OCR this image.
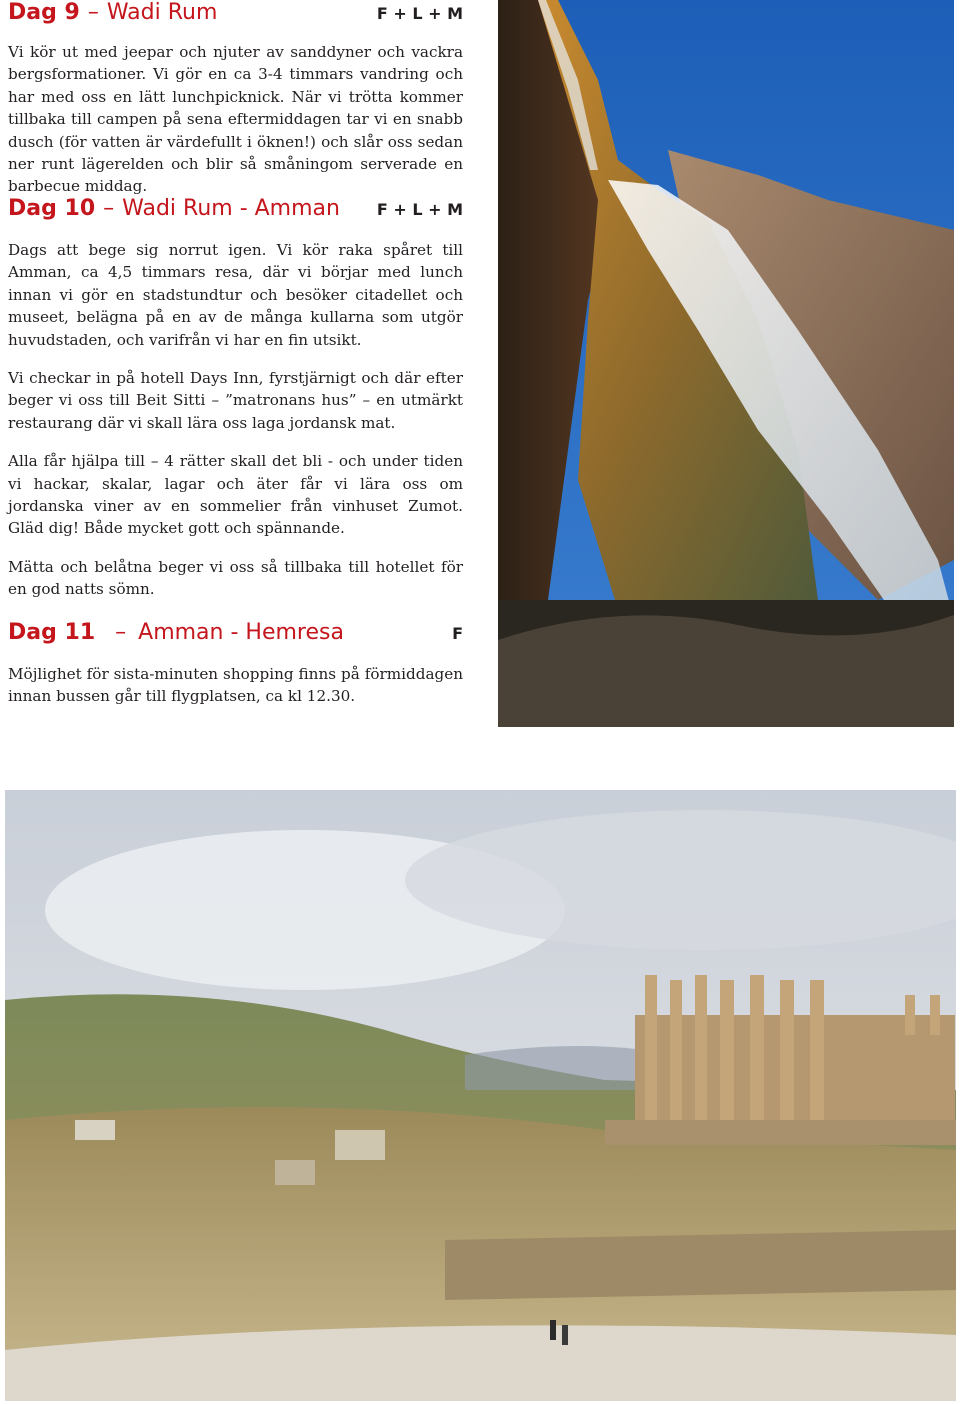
Dag 9 – Wadi Rum	F + L + M

Vi kör ut med jeepar och njuter av sanddyner och vackra bergsformationer. Vi gör en ca 3-4 timmars vandring och har med oss en lätt lunchpicknick. När vi trötta kommer tillbaka till campen på sena eftermiddagen tar vi en snabb dusch (för vatten är värdefullt i öknen!) och slår oss sedan ner runt lägerelden och blir så småningom serverade en barbecue middag.

Dag 10 – Wadi Rum - Amman F + L + M

Dags att bege sig norrut igen. Vi kör raka spåret till Amman, ca 4,5 timmars resa, där vi börjar med lunch innan vi gör en stadstundtur och besöker citadellet och museet, belägna på en av de många kullarna som utgör huvudstaden, och varifrån vi har en fin utsikt.

Vi checkar in på hotell Days Inn, fyrstjärnigt och där efter beger vi oss till Beit Sitti – ”matronans hus” – en utmärkt restaurang där vi skall lära oss laga jordansk mat.

Alla får hjälpa till – 4 rätter skall det bli - och under tiden vi hackar, skalar, lagar och äter får vi lära oss om jordanska viner av en sommelier från vinhuset Zumot. Gläd dig! Både mycket gott och spännande.

Mätta och belåtna beger vi oss så tillbaka till hotellet för en god natts sömn.

Dag 11 – Amman - Hemresa	F

Möjlighet för sista-minuten shopping finns på förmiddagen innan bussen går till flygplatsen, ca kl 12.30.
